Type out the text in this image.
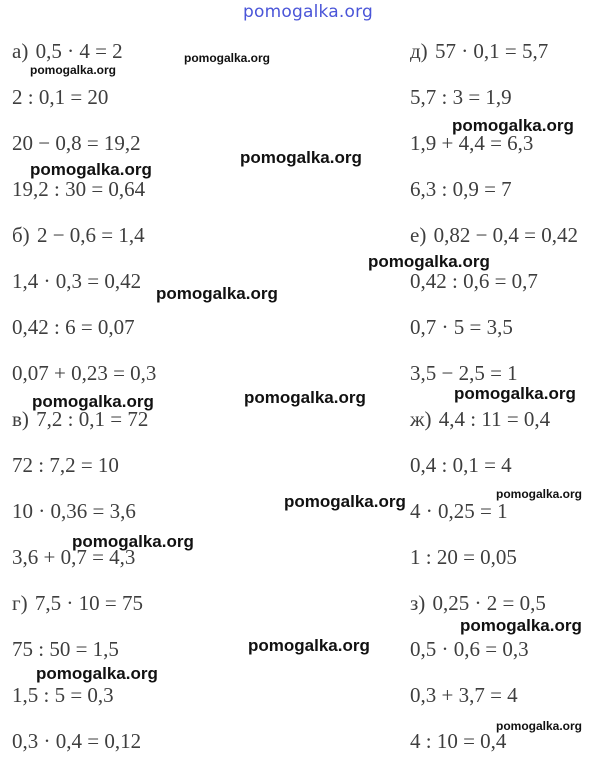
pomogalka.org
а) 0,5 · 4 = 2
2 : 0,1 = 20
20 − 0,8 = 19,2
19,2 : 30 = 0,64
б) 2 − 0,6 = 1,4
1,4 · 0,3 = 0,42
0,42 : 6 = 0,07
0,07 + 0,23 = 0,3
в) 7,2 : 0,1 = 72
72 : 7,2 = 10
10 · 0,36 = 3,6
3,6 + 0,7 = 4,3
г) 7,5 · 10 = 75
75 : 50 = 1,5
1,5 : 5 = 0,3
0,3 · 0,4 = 0,12
д) 57 · 0,1 = 5,7
5,7 : 3 = 1,9
1,9 + 4,4 = 6,3
6,3 : 0,9 = 7
е) 0,82 − 0,4 = 0,42
0,42 : 0,6 = 0,7
0,7 · 5 = 3,5
3,5 − 2,5 = 1
ж) 4,4 : 11 = 0,4
0,4 : 0,1 = 4
4 · 0,25 = 1
1 : 20 = 0,05
з) 0,25 · 2 = 0,5
0,5 · 0,6 = 0,3
0,3 + 3,7 = 4
4 : 10 = 0,4
pomogalka.org
pomogalka.org
pomogalka.org
pomogalka.org
pomogalka.org
pomogalka.org
pomogalka.org
pomogalka.org	pomogalka.org	pomogalka.org
pomogalka.org
pomogalka.org
pomogalka.org
pomogalka.org
pomogalka.org
pomogalka.org
pomogalka.org
